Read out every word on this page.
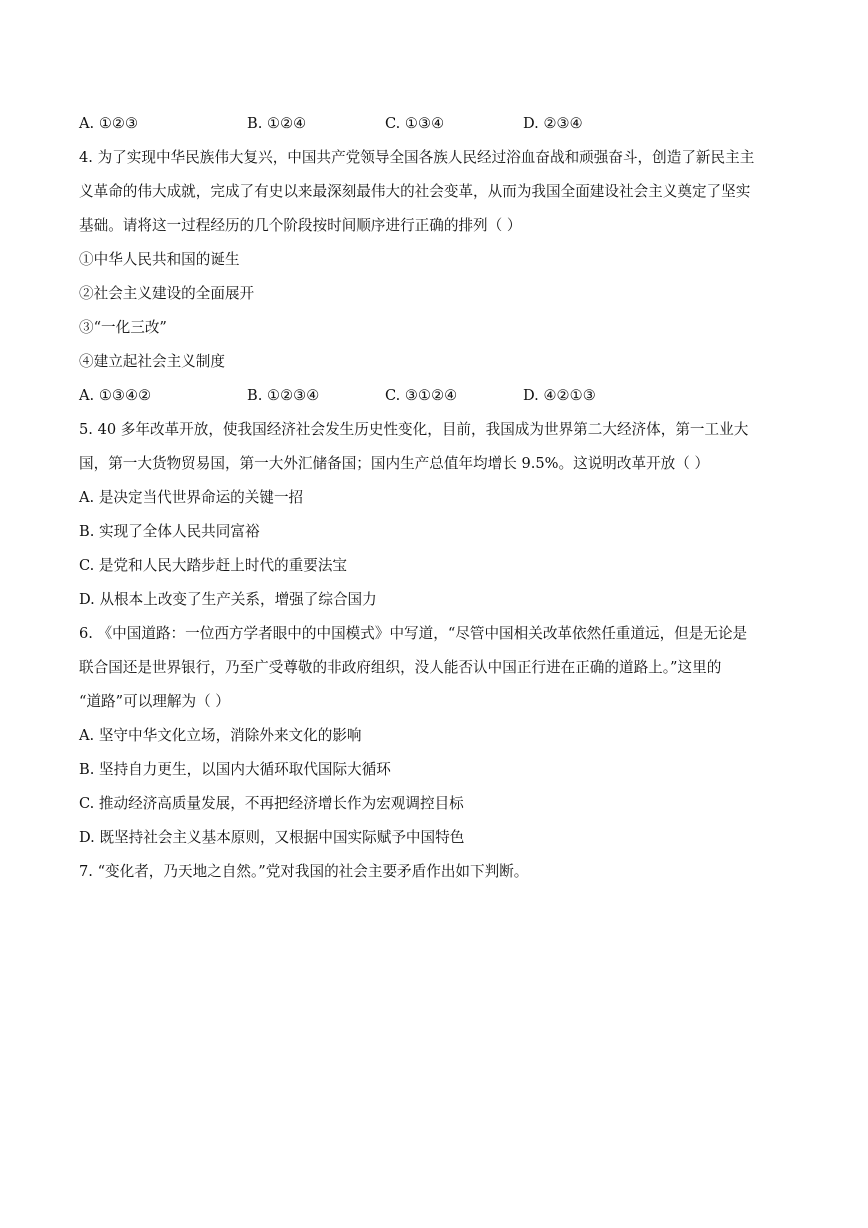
A. ①②③	B. ①②④	C. ①③④	D. ②③④
4. 为了实现中华民族伟大复兴，中国共产党领导全国各族人民经过浴血奋战和顽强奋斗，创造了新民主主
义革命的伟大成就，完成了有史以来最深刻最伟大的社会变革，从而为我国全面建设社会主义奠定了坚实
基础。请将这一过程经历的几个阶段按时间顺序进行正确的排列（ ）
①中华人民共和国的诞生
②社会主义建设的全面展开
③“一化三改”
④建立起社会主义制度
A. ①③④②	B. ①②③④	C. ③①②④	D. ④②①③
5. 40 多年改革开放，使我国经济社会发生历史性变化，目前，我国成为世界第二大经济体，第一工业大
国，第一大货物贸易国，第一大外汇储备国；国内生产总值年均增长 9.5%。这说明改革开放（ ）
A. 是决定当代世界命运的关键一招
B. 实现了全体人民共同富裕
C. 是党和人民大踏步赶上时代的重要法宝
D. 从根本上改变了生产关系，增强了综合国力
6. 《中国道路：一位西方学者眼中的中国模式》中写道，“尽管中国相关改革依然任重道远，但是无论是
联合国还是世界银行，乃至广受尊敬的非政府组织，没人能否认中国正行进在正确的道路上。”这里的
“道路”可以理解为（ ）
A. 坚守中华文化立场，消除外来文化的影响
B. 坚持自力更生，以国内大循环取代国际大循环
C. 推动经济高质量发展，不再把经济增长作为宏观调控目标
D. 既坚持社会主义基本原则，又根据中国实际赋予中国特色
7. “变化者，乃天地之自然。”党对我国的社会主要矛盾作出如下判断。
